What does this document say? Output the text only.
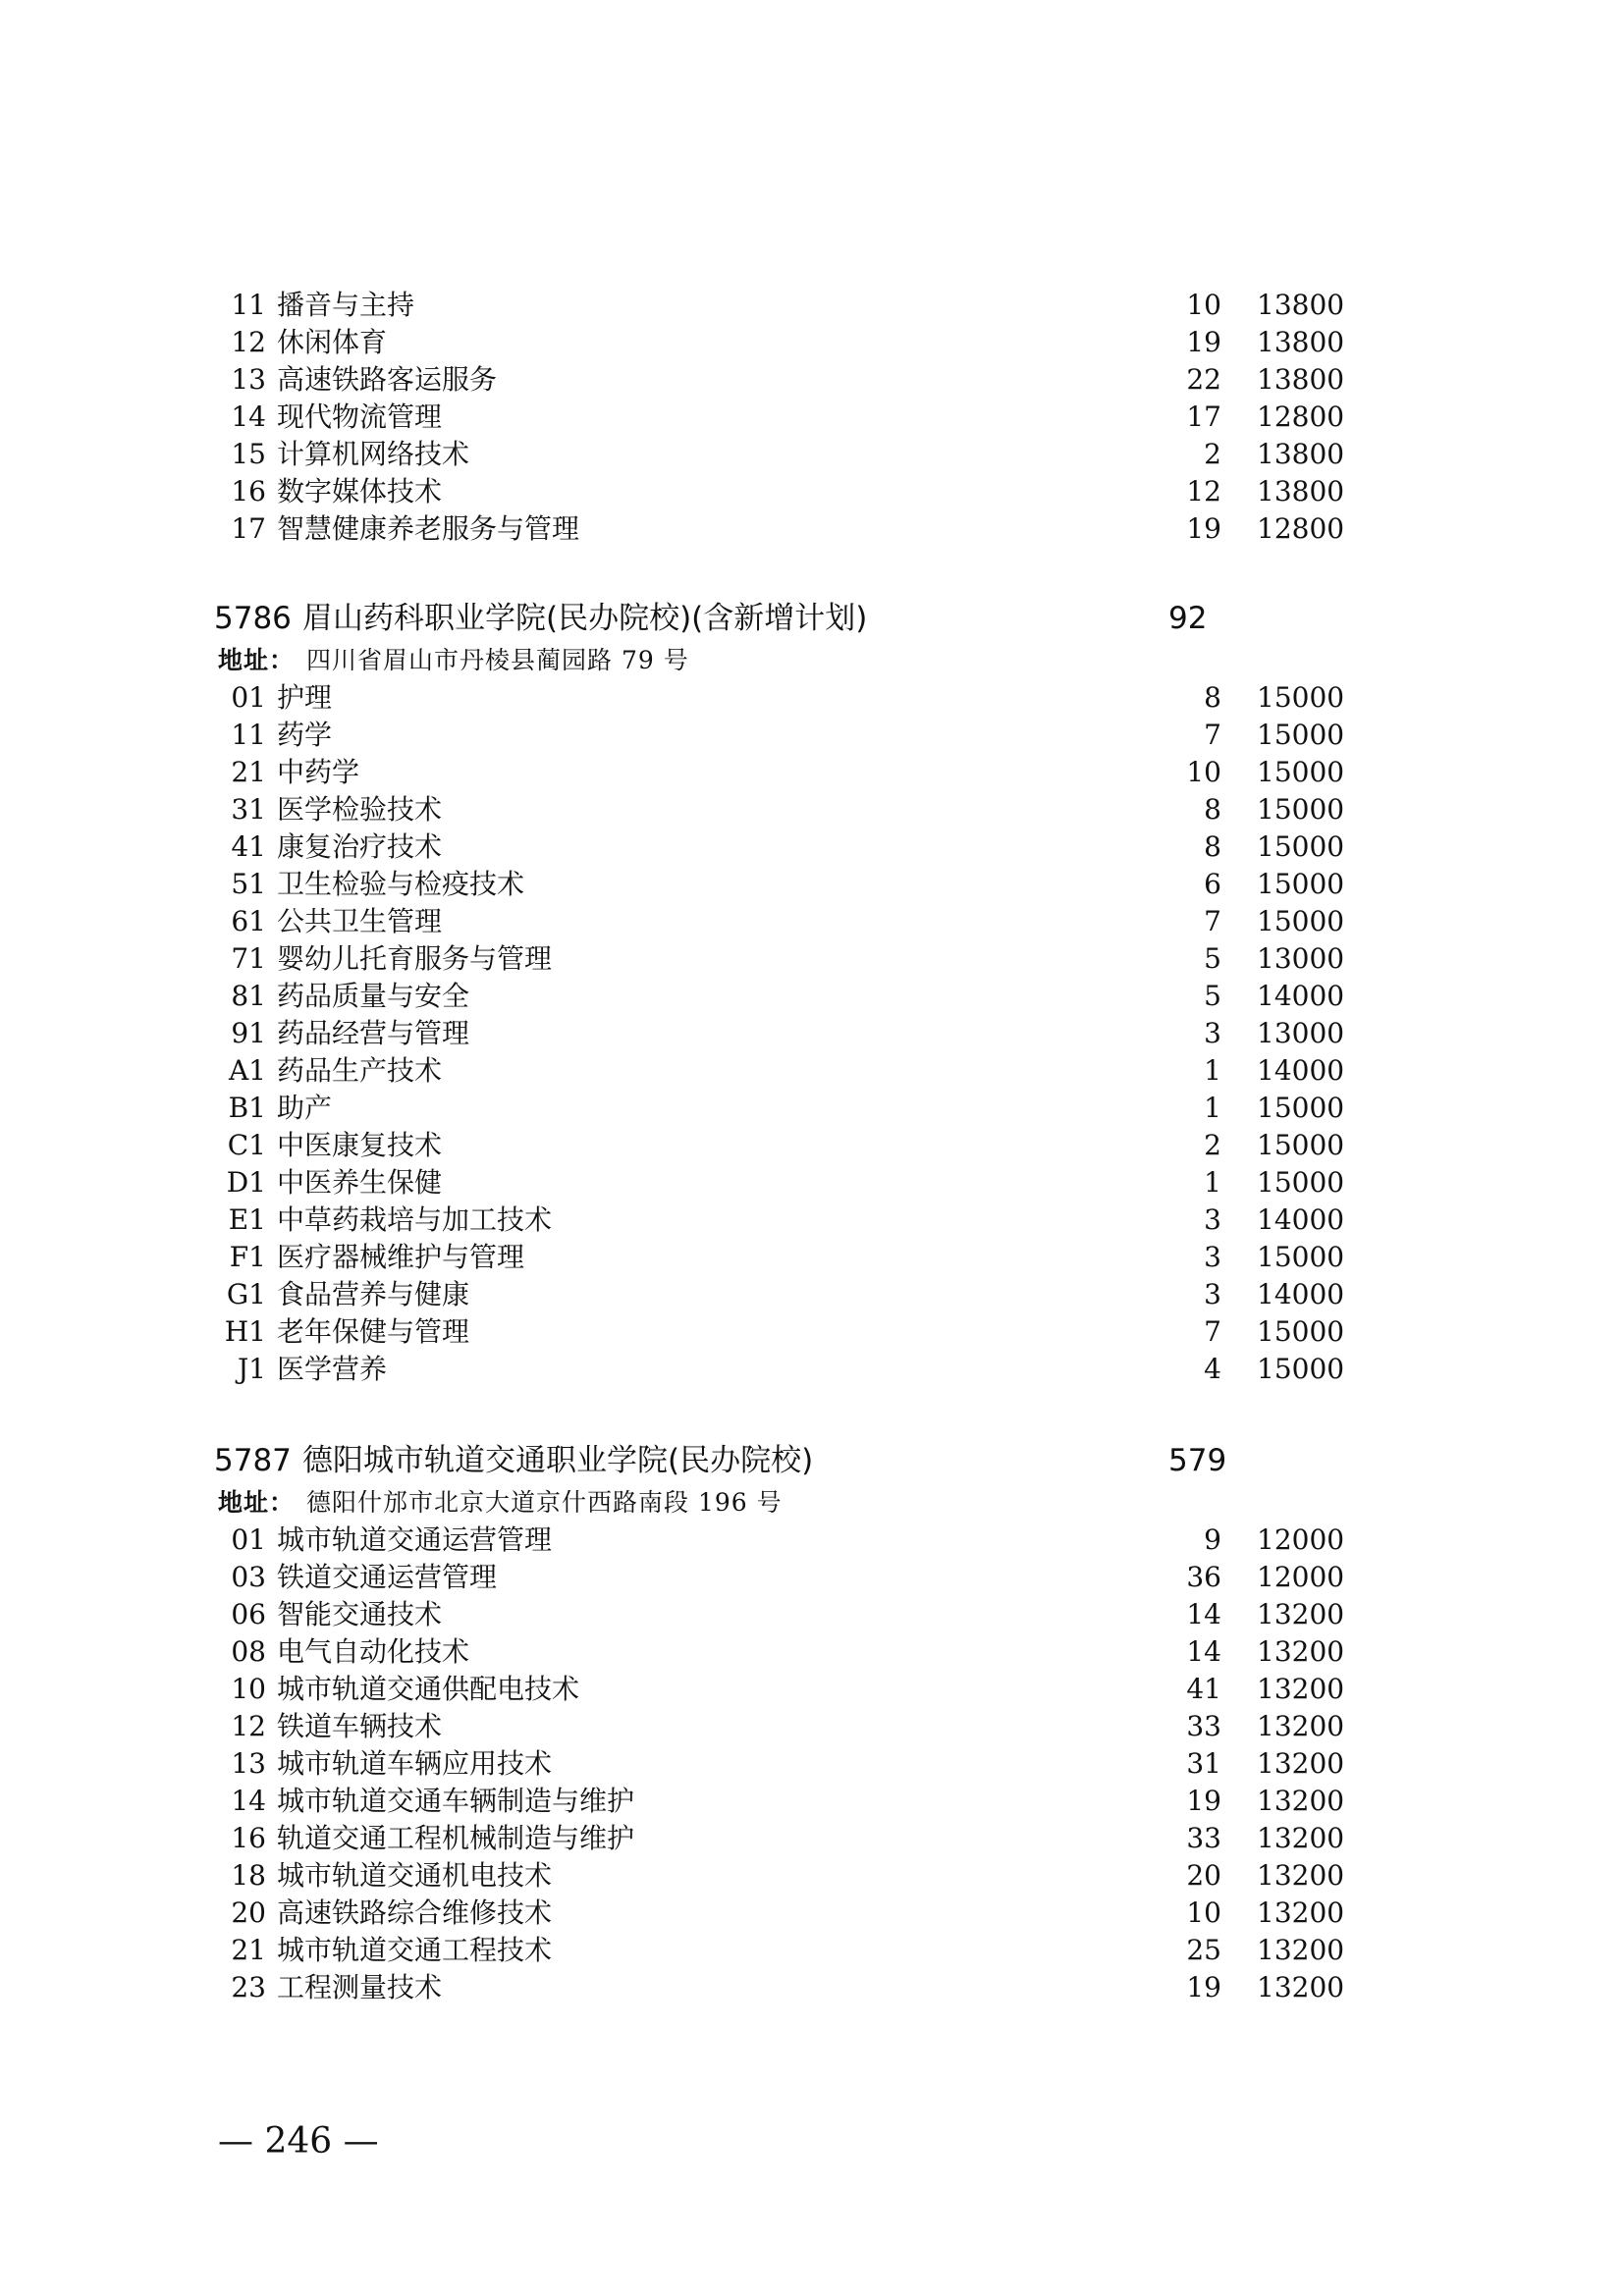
11 播音与主持	10 13800
12 休闲体育	19 13800
13 高速铁路客运服务	22 13800
14 现代物流管理	17 12800
15 计算机网络技术	2 13800
16 数字媒体技术	12 13800
17 智慧健康养老服务与管理	19 12800
5786 眉山药科职业学院(民办院校)(含新增计划)	92
地址： 四川省眉山市丹棱县蔺园路 79 号
01 护理	8 15000
11 药学	7 15000
21 中药学	10 15000
31 医学检验技术	8 15000
41 康复治疗技术	8 15000
51 卫生检验与检疫技术	6 15000
61 公共卫生管理	7 15000
71 婴幼儿托育服务与管理	5 13000
81 药品质量与安全	5 14000
91 药品经营与管理	3 13000
A1 药品生产技术	1 14000
B1 助产	1 15000
C1 中医康复技术	2 15000
D1 中医养生保健	1 15000
E1 中草药栽培与加工技术	3 14000
F1 医疗器械维护与管理	3 15000
G1 食品营养与健康	3 14000
H1 老年保健与管理	7 15000
J1 医学营养	4 15000
5787 德阳城市轨道交通职业学院(民办院校)	579
地址： 德阳什邡市北京大道京什西路南段 196 号
01 城市轨道交通运营管理	9 12000
03 铁道交通运营管理	36 12000
06 智能交通技术	14 13200
08 电气自动化技术	14 13200
10 城市轨道交通供配电技术	41 13200
12 铁道车辆技术	33 13200
13 城市轨道车辆应用技术	31 13200
14 城市轨道交通车辆制造与维护	19 13200
16 轨道交通工程机械制造与维护	33 13200
18 城市轨道交通机电技术	20 13200
20 高速铁路综合维修技术	10 13200
21 城市轨道交通工程技术	25 13200
23 工程测量技术	19 13200
— 246 —
